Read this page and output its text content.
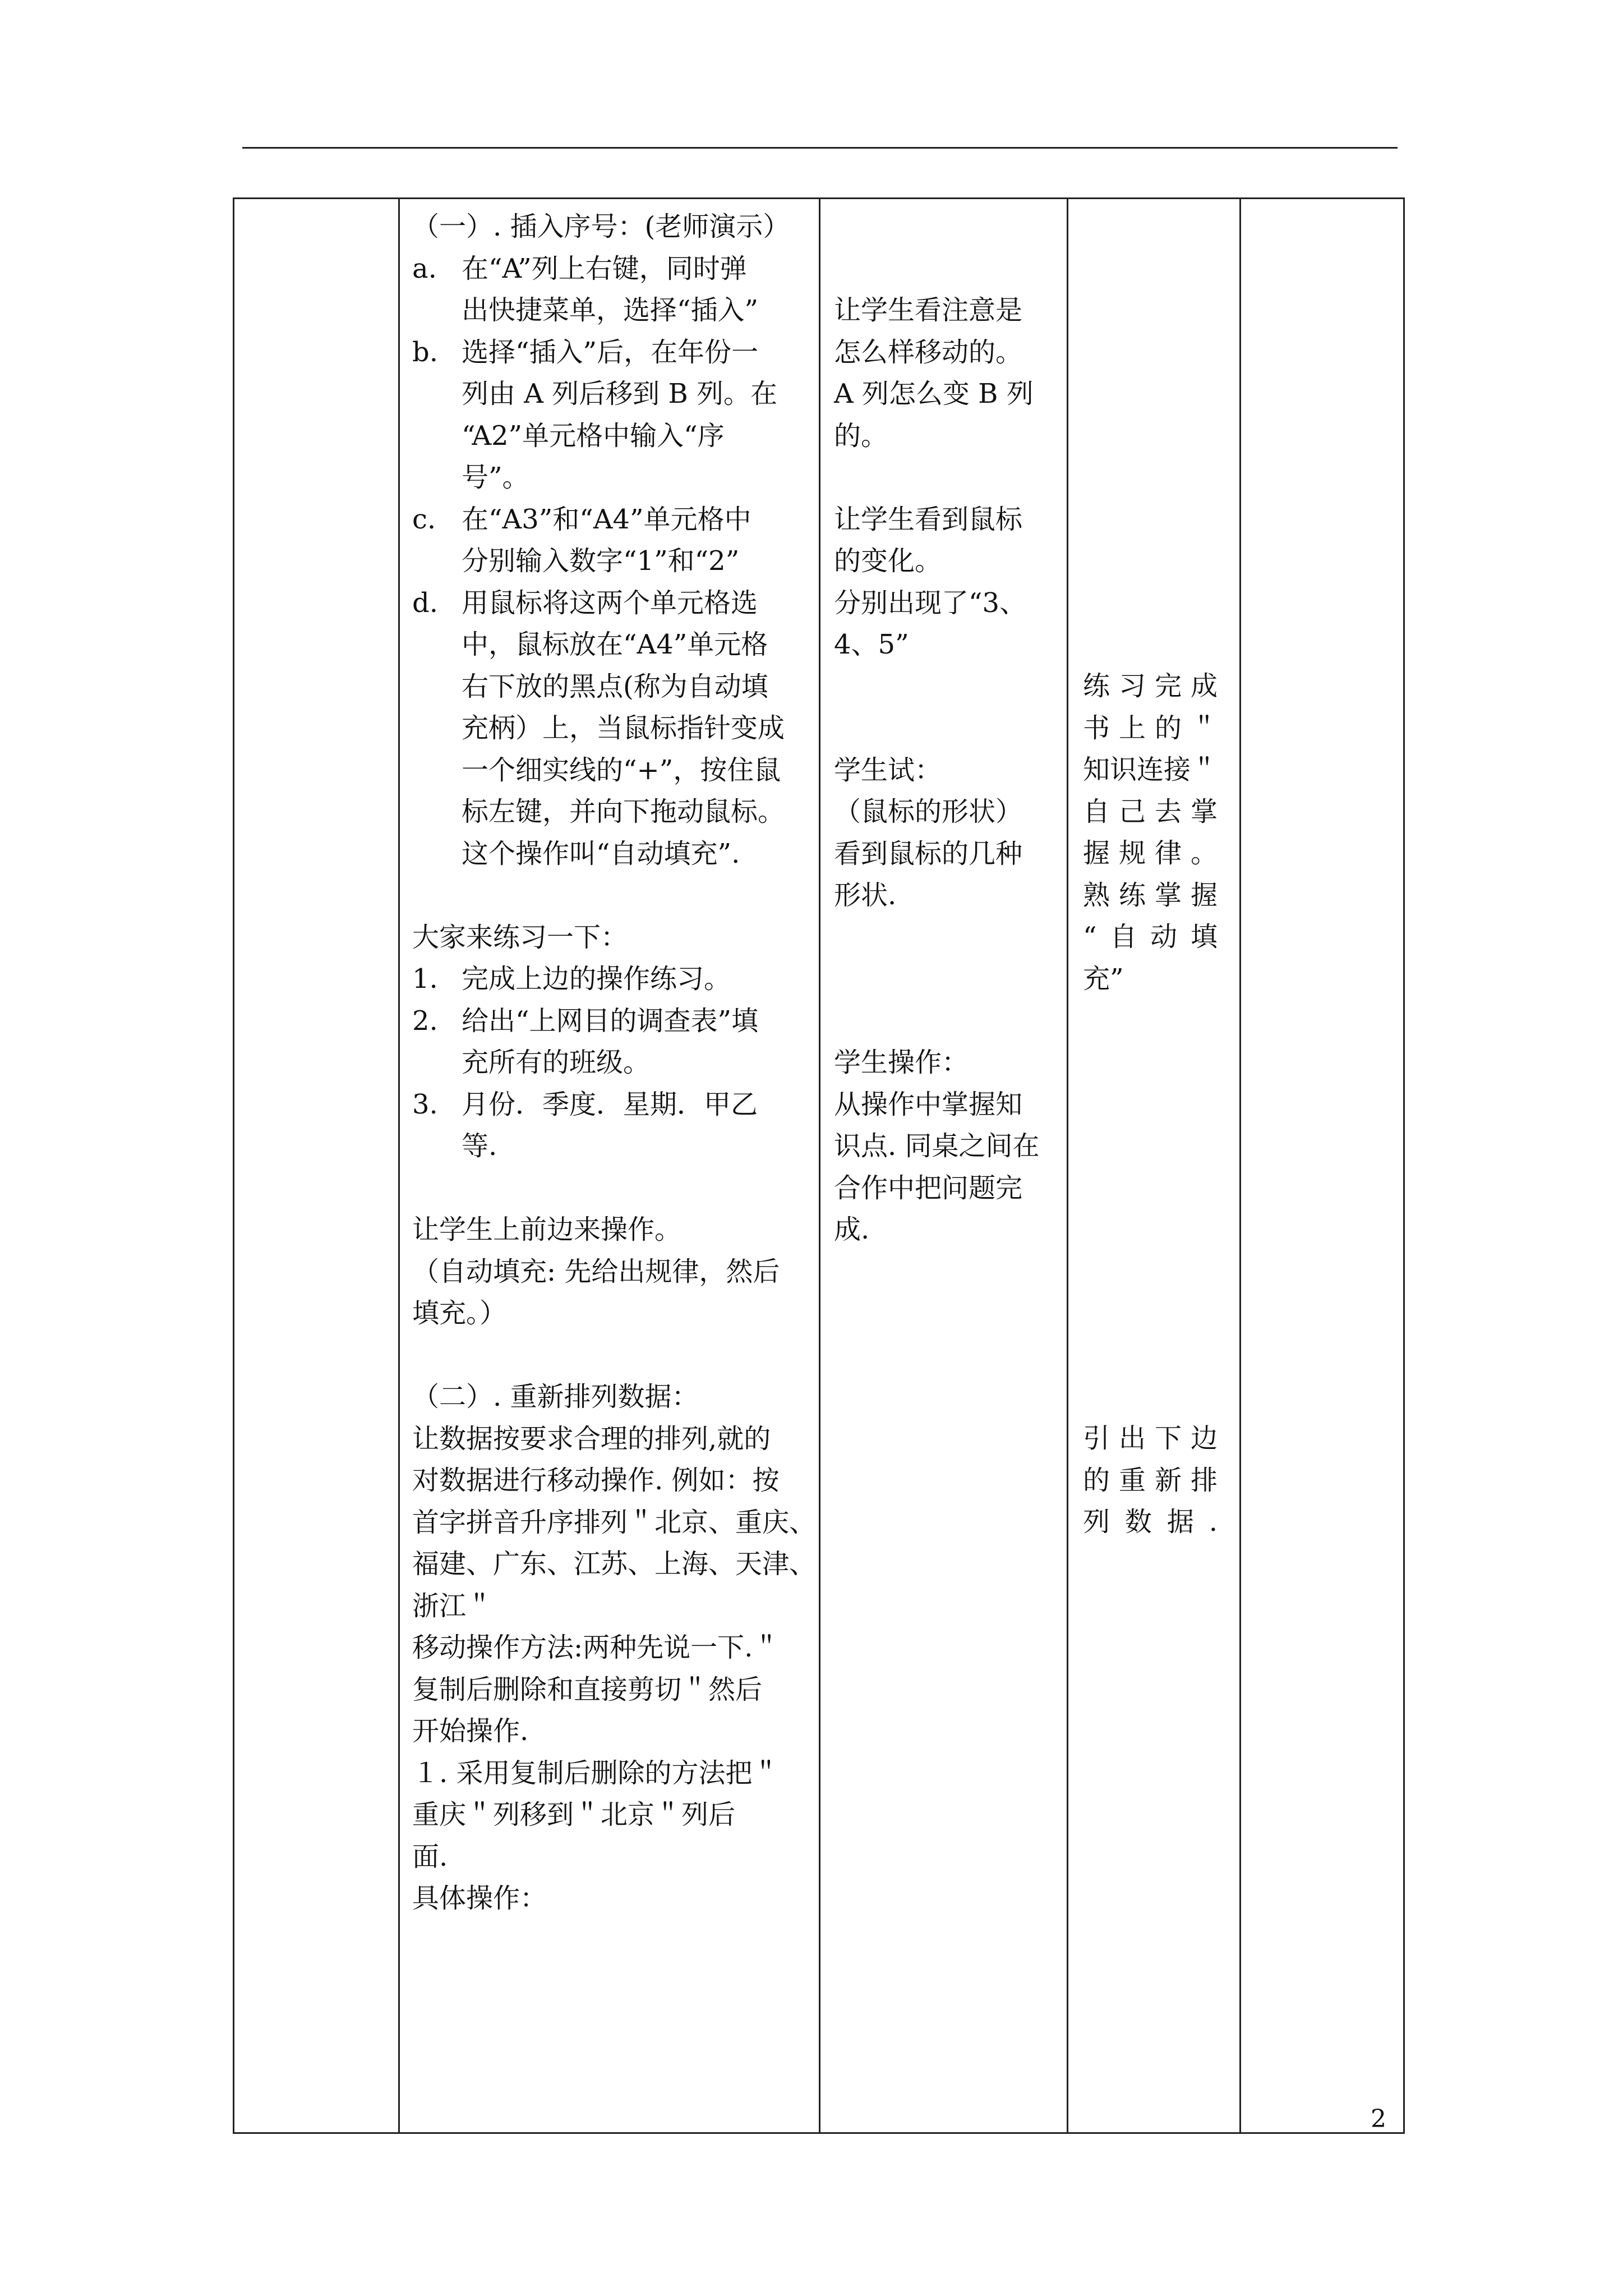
（一）. 插入序号：(老师演示）
a. 在“A”列上右键，同时弹
出快捷菜单，选择“插入”
b. 选择“插入”后，在年份一
列由 A 列后移到 B 列。在
“A2”单元格中输入“序
号”。
c. 在“A3”和“A4”单元格中
分别输入数字“1”和“2”
d. 用鼠标将这两个单元格选
中，鼠标放在“A4”单元格
右下放的黑点(称为自动填
充柄）上，当鼠标指针变成
一个细实线的“+”，按住鼠
标左键，并向下拖动鼠标。
这个操作叫“自动填充”.
大家来练习一下：
1. 完成上边的操作练习。
2. 给出“上网目的调查表”填
充所有的班级。
3. 月份．季度．星期．甲乙
等.
让学生上前边来操作。
（自动填充: 先给出规律，然后
填充。）
（二）. 重新排列数据：
让数据按要求合理的排列,就的
对数据进行移动操作. 例如：按
首字拼音升序排列＂北京、重庆、
福建、广东、江苏、上海、天津、
浙江＂
移动操作方法:两种先说一下.＂
复制后删除和直接剪切＂然后
开始操作.
１. 采用复制后删除的方法把＂
重庆＂列移到＂北京＂列后
面.
具体操作：
让学生看注意是
怎么样移动的。
A 列怎么变 B 列
的。
让学生看到鼠标
的变化。
分别出现了“3、
4、5”
学生试：
（鼠标的形状）
看到鼠标的几种
形状.
学生操作：
从操作中掌握知
识点. 同桌之间在
合作中把问题完
成.
练 习 完 成
书 上 的 ＂
知 识 连 接 ＂
自 己 去 掌
握 规 律 。
熟 练 掌 握
“ 自 动 填
充”
引 出 下 边
的 重 新 排
列 数 据 .
2
